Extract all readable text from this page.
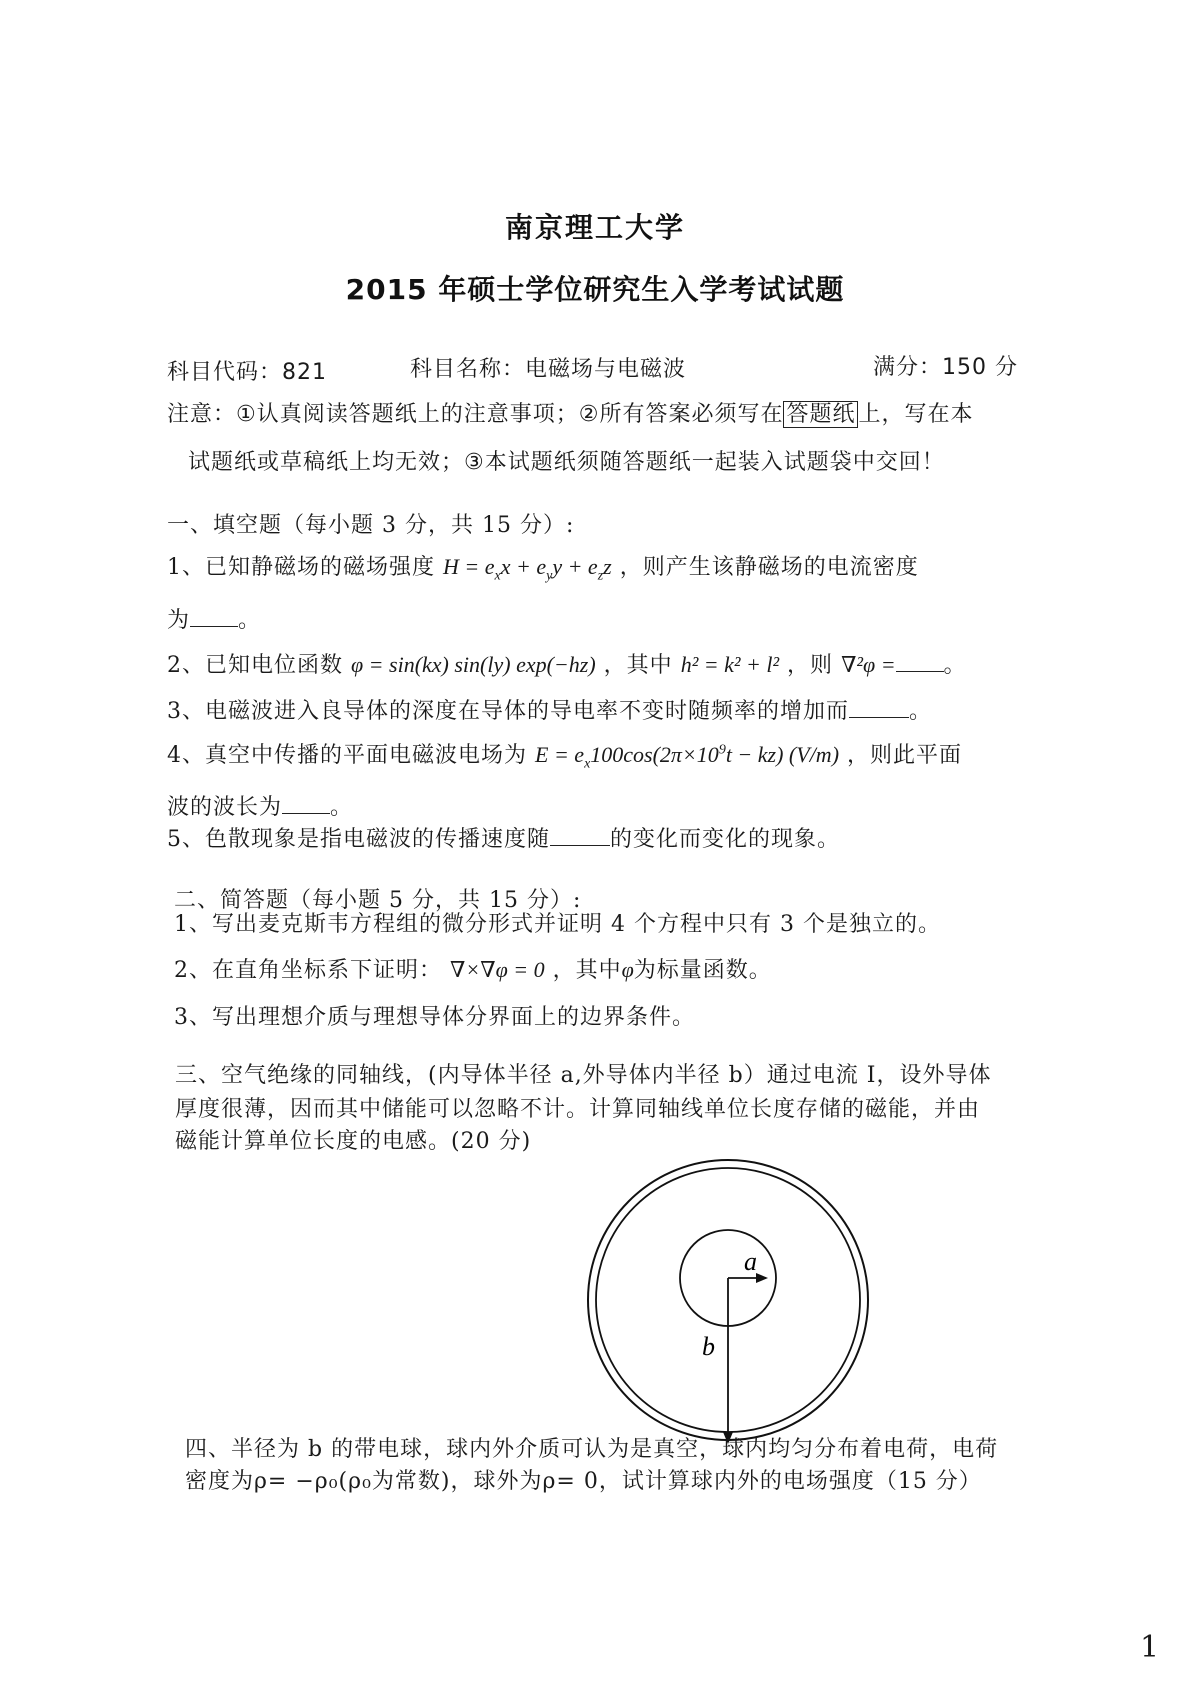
南京理工大学
2015 年硕士学位研究生入学考试试题
科目代码：821	科目名称：电磁场与电磁波	满分：150 分
注意：①认真阅读答题纸上的注意事项；②所有答案必须写在 答题纸 上，写在本
试题纸或草稿纸上均无效；③本试题纸须随答题纸一起装入试题袋中交回！
一、填空题（每小题 3 分，共 15 分）:
1、已知静磁场的磁场强度 $H = e_xx + e_yy + e_zz$ ，则产生该静磁场的电流密度
为 。
2、已知电位函数 φ = sin(kx) sin(ly) exp(−hz) ，其中 h² = k² + l² ，则 ∇²φ = 。
3、电磁波进入良导体的深度在导体的导电率不变时随频率的增加而	。
4、真空中传播的平面电磁波电场为 $E = e_x100\cos(2\pi\times 10^9t - kz)$ (V/m) ，则此平面
波的波长为 。
5、色散现象是指电磁波的传播速度随	的变化而变化的现象。
二、简答题（每小题 5 分，共 15 分）:
1、写出麦克斯韦方程组的微分形式并证明 4 个方程中只有 3 个是独立的。
2、在直角坐标系下证明： ∇×∇φ = 0 ，其中φ为标量函数。
3、写出理想介质与理想导体分界面上的边界条件。
三、空气绝缘的同轴线，(内导体半径 a,外导体内半径 b）通过电流 I，设外导体
厚度很薄，因而其中储能可以忽略不计。计算同轴线单位长度存储的磁能，并由
磁能计算单位长度的电感。(20 分)
a
b
四、半径为 b 的带电球，球内外介质可认为是真空，球内均匀分布着电荷，电荷
密度为ρ= −ρ₀(ρ₀为常数)，球外为ρ= 0，试计算球内外的电场强度（15 分）
1
